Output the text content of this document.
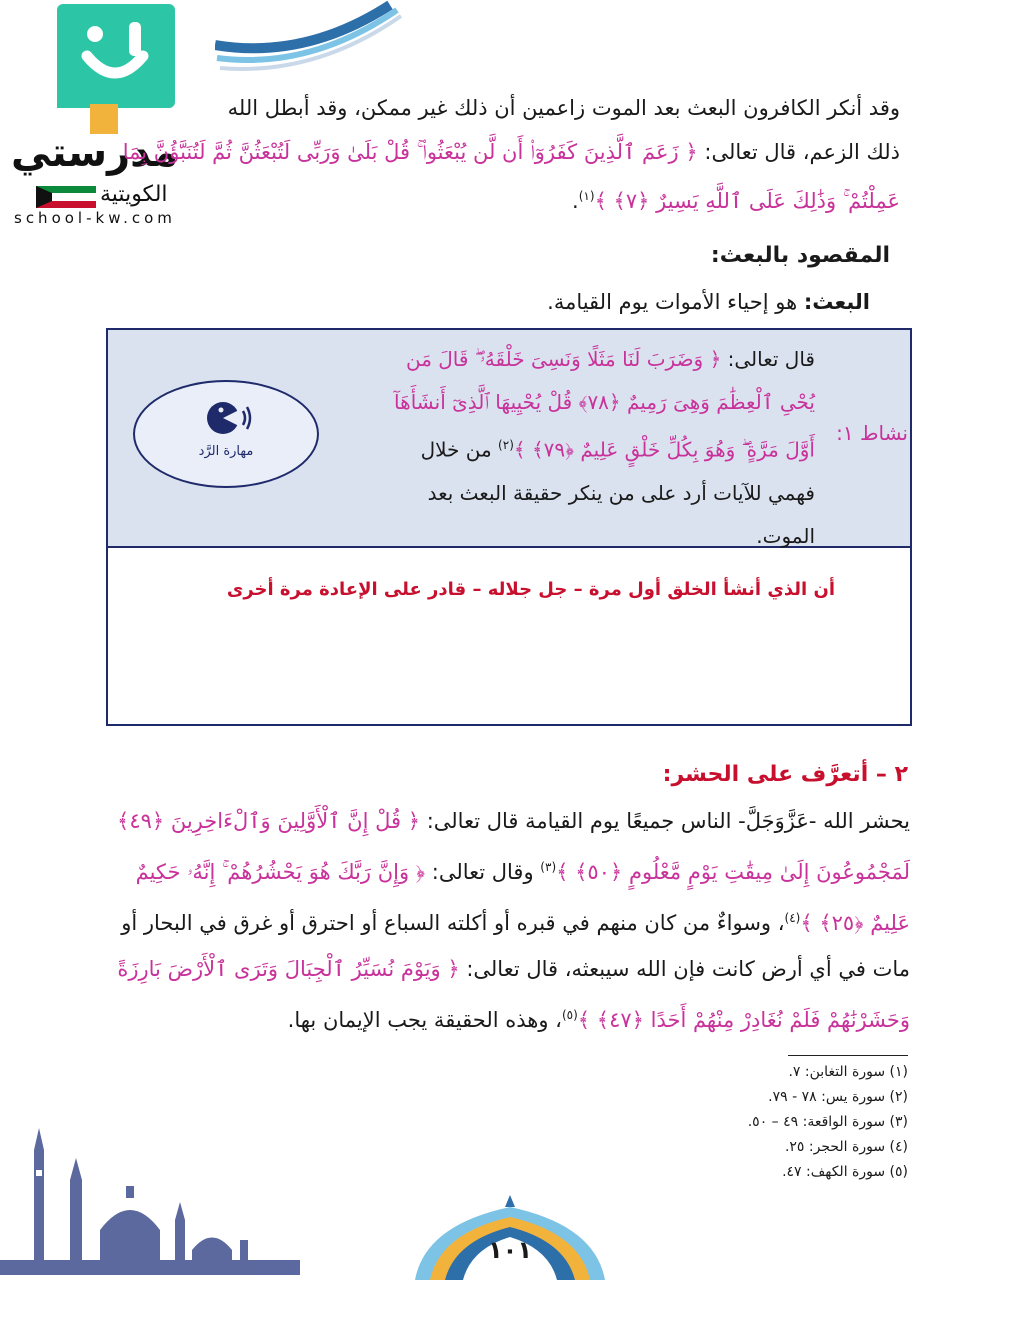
مدرستي
الكويتية
school-kw.com
وقد أنكر الكافرون البعث بعد الموت زاعمين أن ذلك غير ممكن، وقد أبطل الله
ذلك الزعم، قال تعالى: ﴿ زَعَمَ ٱلَّذِينَ كَفَرُوٓا۟ أَن لَّن يُبْعَثُوا۟ ۚ قُلْ بَلَىٰ وَرَبِّى لَتُبْعَثُنَّ ثُمَّ لَتُنَبَّؤُنَّ بِمَا عَمِلْتُمْ ۚ وَذَٰلِكَ عَلَى ٱللَّهِ يَسِيرٌ ﴿٧﴾ ﴾$^{(١)}$.
المقصود بالبعث:
البعث: هو إحياء الأموات يوم القيامة.
نشاط ١:
قال تعالى: ﴿ وَضَرَبَ لَنَا مَثَلًا وَنَسِىَ خَلْقَهُۥ ۖ قَالَ مَن يُحْىِ ٱلْعِظَٰمَ وَهِىَ رَمِيمٌ ﴿٧٨﴾ قُلْ يُحْيِيهَا ٱلَّذِىٓ أَنشَأَهَآ أَوَّلَ مَرَّةٍ ۖ وَهُوَ بِكُلِّ خَلْقٍ عَلِيمٌ ﴿٧٩﴾ ﴾$^{(٢)}$ من خلال فهمي للآيات أرد على من ينكر حقيقة البعث بعد الموت.
مهارة الرَّد
أن الذي أنشأ الخلق أول مرة – جل جلاله – قادر على الإعادة مرة أخرى
٢ – أتعرَّف على الحشر:
يحشر الله -عَزَّوَجَلَّ- الناس جميعًا يوم القيامة قال تعالى: ﴿ قُلْ إِنَّ ٱلْأَوَّلِينَ وَٱلْءَاخِرِينَ ﴿٤٩﴾ لَمَجْمُوعُونَ إِلَىٰ مِيقَٰتِ يَوْمٍ مَّعْلُومٍ ﴿٥٠﴾ ﴾$^{(٣)}$ وقال تعالى: ﴿ وَإِنَّ رَبَّكَ هُوَ يَحْشُرُهُمْ ۚ إِنَّهُۥ حَكِيمٌ عَلِيمٌ ﴿٢٥﴾ ﴾$^{(٤)}$، وسواءٌ من كان منهم في قبره أو أكلته السباع أو احترق أو غرق في البحار أو مات في أي أرض كانت فإن الله سيبعثه، قال تعالى: ﴿ وَيَوْمَ نُسَيِّرُ ٱلْجِبَالَ وَتَرَى ٱلْأَرْضَ بَارِزَةً وَحَشَرْنَٰهُمْ فَلَمْ نُغَادِرْ مِنْهُمْ أَحَدًا ﴿٤٧﴾ ﴾$^{(٥)}$، وهذه الحقيقة يجب الإيمان بها.
(١) سورة التغابن: ٧.
(٢) سورة يس: ٧٨ - ٧٩.
(٣) سورة الواقعة: ٤٩ – ٥٠.
(٤) سورة الحجر: ٢٥.
(٥) سورة الكهف: ٤٧.
١٠١
